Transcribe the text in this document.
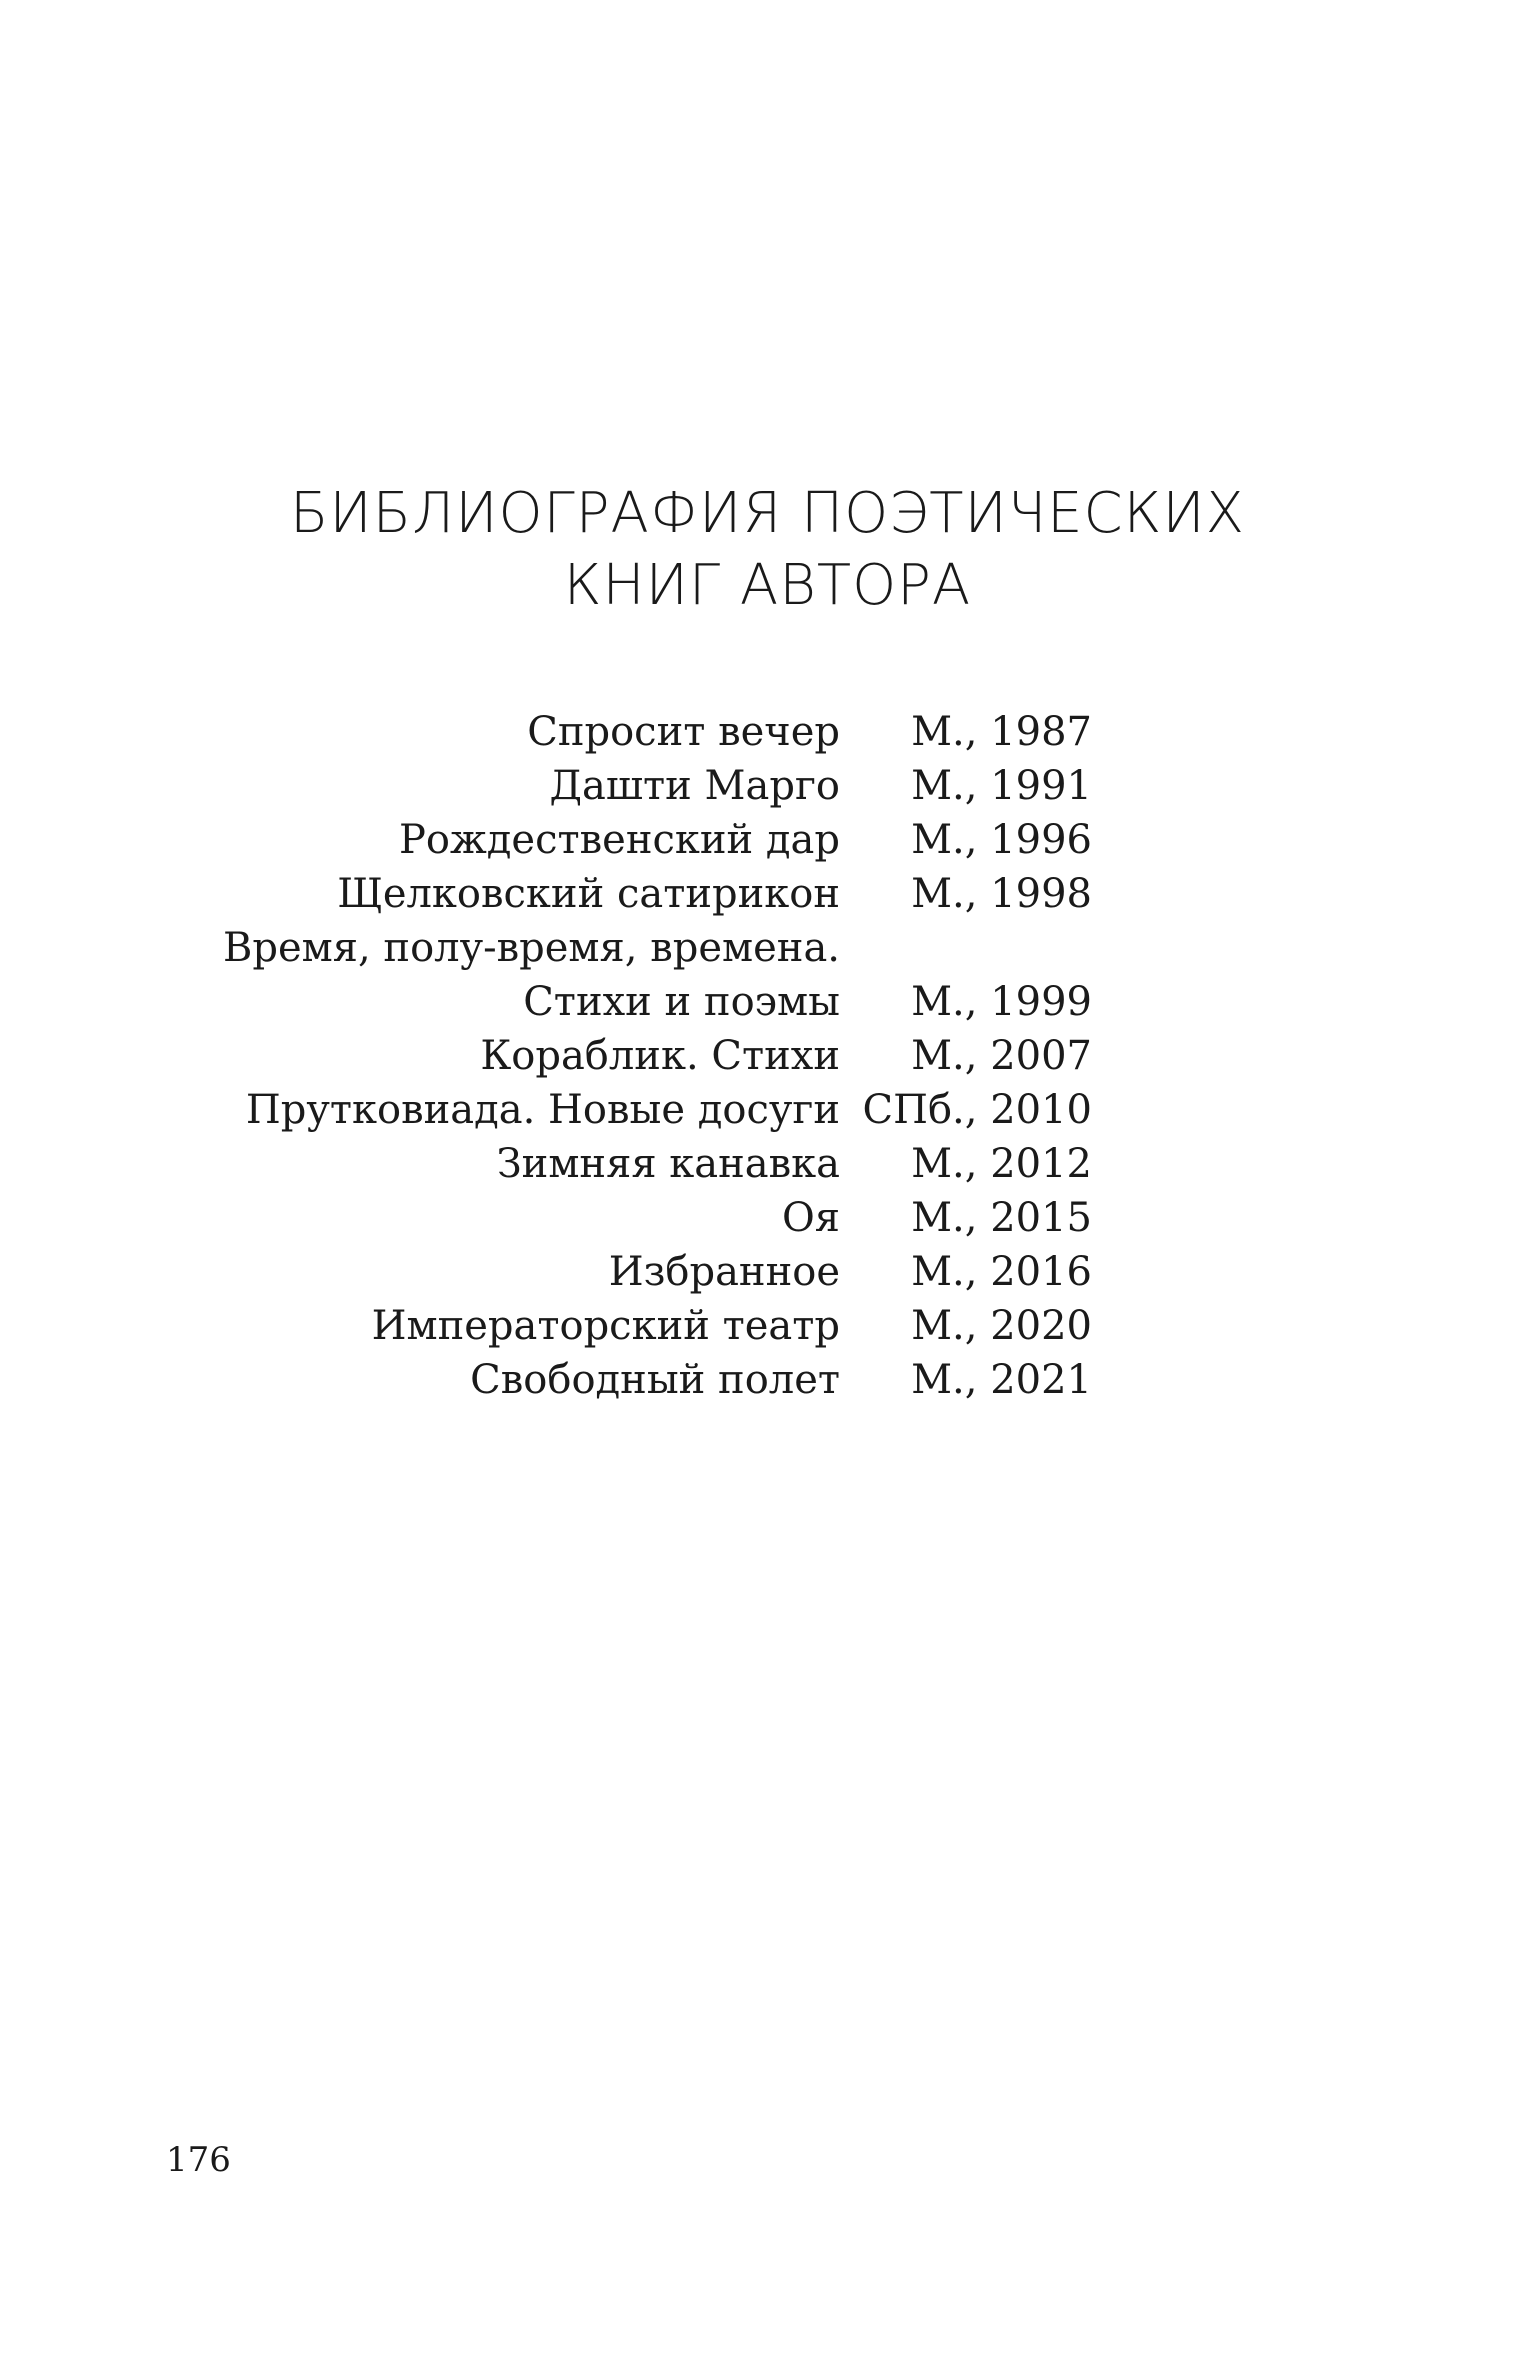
БИБЛИОГРАФИЯ ПОЭТИЧЕСКИХ
КНИГ АВТОРА
Спросит вечер М., 1987
Дашти Марго М., 1991
Рождественский дар М., 1996
Щелковский сатирикон М., 1998
Время, полу-время, времена.
Стихи и поэмы М., 1999
Кораблик. Стихи М., 2007
Прутковиада. Новые досуги СПб., 2010
Зимняя канавка М., 2012
Оя М., 2015
Избранное М., 2016
Императорский театр М., 2020
Свободный полет М., 2021
176
